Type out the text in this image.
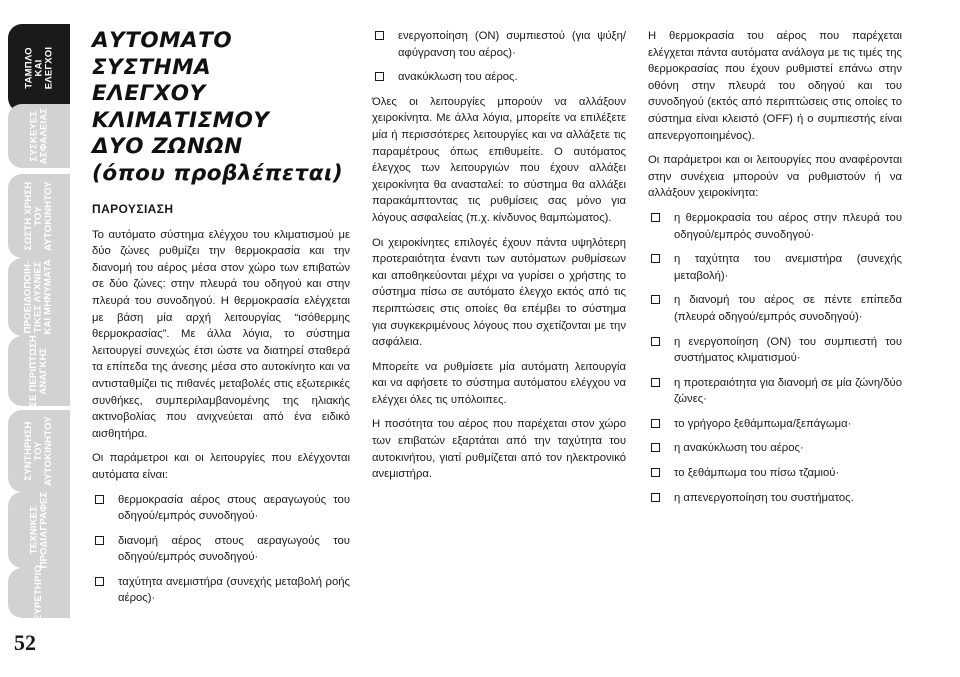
ΤΑΜΠΛΟ
ΚΑΙ
ΕΛΕΓΧΟΙ
ΣΥΣΚΕΥΕΣ
ΑΣΦΑΛΕΙΑΣ
ΣΩΣΤΗ ΧΡΗΣΗ
ΤΟΥ
ΑΥΤΟΚΙΝΗΤΟΥ
ΠΡΟΕΙΔΟΠΟΙΗ-
ΤΙΚΕΣ ΛΥΧΝΙΕΣ
ΚΑΙ ΜΗΝΥΜΑΤΑ
ΣΕ ΠΕΡΙΠΤΩΣΗ
ΑΝΑΓΚΗΣ
ΣΥΝΤΗΡΗΣΗ
ΤΟΥ
ΑΥΤΟΚΙΝΗΤΟΥ
ΤΕΧΝΙΚΕΣ
ΠΡΟΔΙΑΓΡΑΦΕΣ
ΕΥΡΕΤΗΡΙΟ
52
ΑΥΤΟΜΑΤΟ
ΣΥΣΤΗΜΑ
ΕΛΕΓΧΟΥ
ΚΛΙΜΑΤΙΣΜΟΥ
ΔΥΟ ΖΩΝΩΝ
(όπου προβλέπεται)
ΠΑΡΟΥΣΙΑΣΗ

Το αυτόματο σύστημα ελέγχου του κλιματισμού με δύο ζώνες ρυθμίζει την θερμοκρασία και την διανομή του αέρος μέσα στον χώρο των επιβατών σε δύο ζώνες: στην πλευρά του οδηγού και στην πλευρά του συνοδηγού. Η θερμοκρασία ελέγχεται με βάση μία αρχή λειτουργίας “ισόθερμης θερμοκρασίας”. Με άλλα λόγια, το σύστημα λειτουργεί συνεχώς έτσι ώστε να διατηρεί σταθερά τα επίπεδα της άνεσης μέσα στο αυτοκίνητο και να αντισταθμίζει τις πιθανές μεταβολές στις εξωτερικές συνθήκες, συμπεριλαμβανομένης της ηλιακής ακτινοβολίας που ανιχνεύεται από ένα ειδικό αισθητήρα.

Οι παράμετροι και οι λειτουργίες που ελέγχονται αυτόματα είναι:

θερμοκρασία αέρος στους αεραγωγούς του οδηγού/εμπρός συνοδηγού·
διανομή αέρος στους αεραγωγούς του οδηγού/εμπρός συνοδηγού·
ταχύτητα ανεμιστήρα (συνεχής μεταβολή ροής αέρος)·
ενεργοποίηση (ON) συμπιεστού (για ψύξη/αφύγρανση του αέρος)·
ανακύκλωση του αέρος.

Όλες οι λειτουργίες μπορούν να αλλάξουν χειροκίνητα. Με άλλα λόγια, μπορείτε να επιλέξετε μία ή περισσότερες λειτουργίες και να αλλάξετε τις παραμέτρους όπως επιθυμείτε. Ο αυτόματος έλεγχος των λειτουργιών που έχουν αλλάξει χειροκίνητα θα ανασταλεί: το σύστημα θα αλλάξει παρακάμπτοντας τις ρυθμίσεις σας μόνο για λόγους ασφαλείας (π.χ. κίνδυνος θαμπώματος).

Οι χειροκίνητες επιλογές έχουν πάντα υψηλότερη προτεραιότητα έναντι των αυτόματων ρυθμίσεων και αποθηκεύονται μέχρι να γυρίσει ο χρήστης το σύστημα πίσω σε αυτόματο έλεγχο εκτός από τις περιπτώσεις στις οποίες θα επέμβει το σύστημα για συγκεκριμένους λόγους που σχετίζονται με την ασφάλεια.

Μπορείτε να ρυθμίσετε μία αυτόματη λειτουργία και να αφήσετε το σύστημα αυτόματου ελέγχου να ελέγχει όλες τις υπόλοιπες.

Η ποσότητα του αέρος που παρέχεται στον χώρο των επιβατών εξαρτάται από την ταχύτητα του αυτοκινήτου, γιατί ρυθμίζεται από τον ηλεκτρονικό ανεμιστήρα.

Η θερμοκρασία του αέρος που παρέχεται ελέγχεται πάντα αυτόματα ανάλογα με τις τιμές της θερμοκρασίας που έχουν ρυθμιστεί επάνω στην οθόνη στην πλευρά του οδηγού και του συνοδηγού (εκτός από περιπτώσεις στις οποίες το σύστημα είναι κλειστό (OFF) ή ο συμπιεστής είναι απενεργοποιημένος).

Οι παράμετροι και οι λειτουργίες που αναφέρονται στην συνέχεια μπορούν να ρυθμιστούν ή να αλλάξουν χειροκίνητα:

η θερμοκρασία του αέρος στην πλευρά του οδηγού/εμπρός συνοδηγού·
η ταχύτητα του ανεμιστήρα (συνεχής μεταβολή)·
η διανομή του αέρος σε πέντε επίπεδα (πλευρά οδηγού/εμπρός συνοδηγού)·
η ενεργοποίηση (ON) του συμπιεστή του συστήματος κλιματισμού·
η προτεραιότητα για διανομή σε μία ζώνη/δύο ζώνες·
το γρήγορο ξεθάμπωμα/ξεπάγωμα·
η ανακύκλωση του αέρος·
το ξεθάμπωμα του πίσω τζαμιού·
η απενεργοποίηση του συστήματος.
